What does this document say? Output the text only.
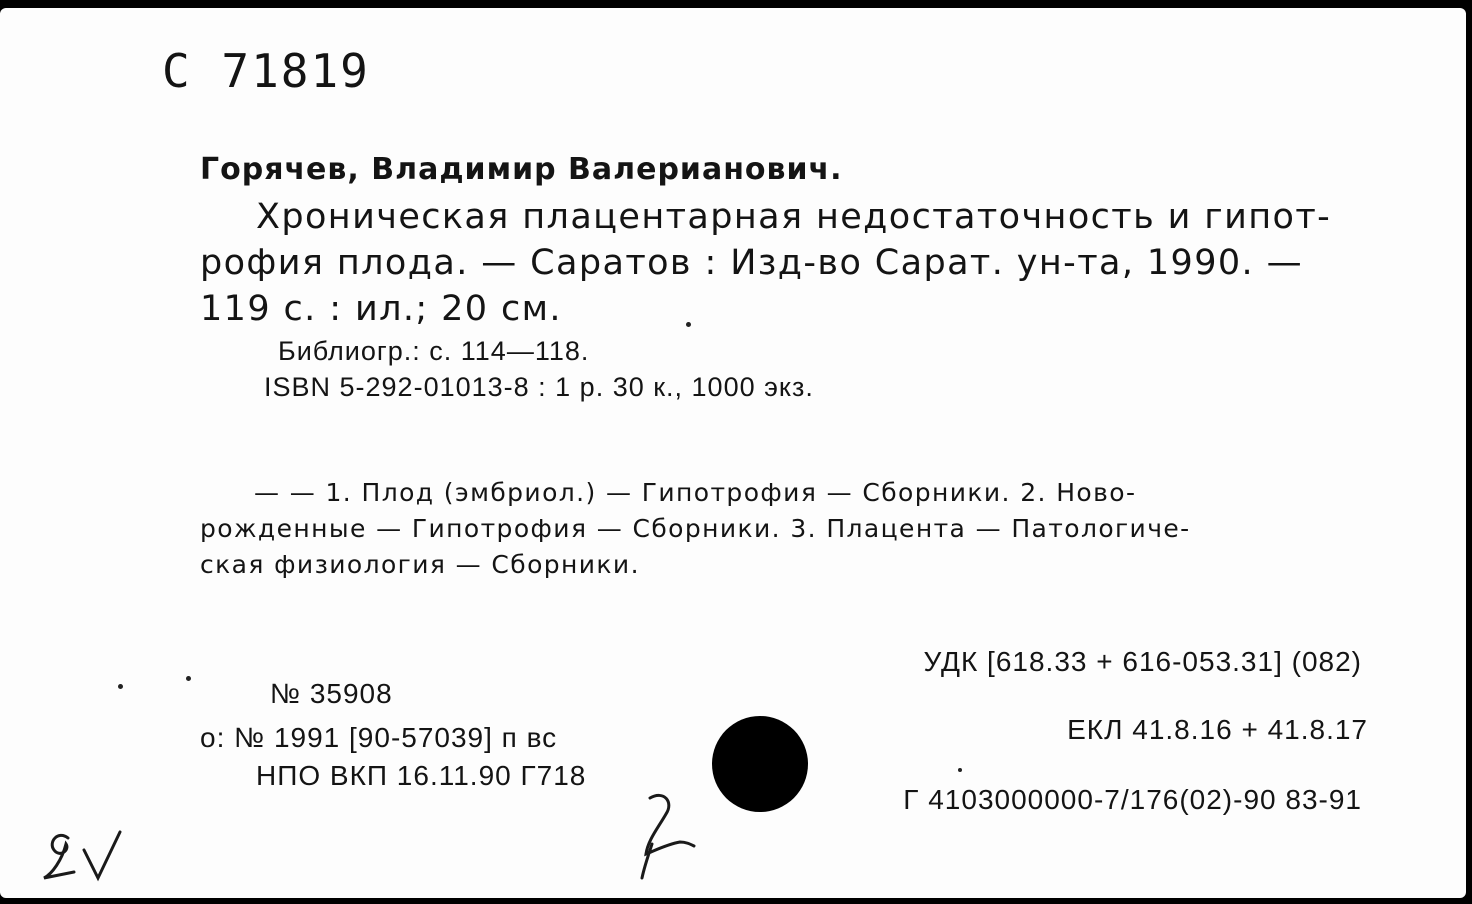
C 71819
Горячев, Владимир Валерианович.
Хроническая плацентарная недостаточность и гипот-
рофия плода. — Саратов : Изд-во Сарат. ун-та, 1990. —
119 с. : ил.; 20 см.
Библиогр.: с. 114—118.
ISBN 5-292-01013-8 : 1 р. 30 к., 1000 экз.
— — 1. Плод (эмбриол.) — Гипотрофия — Сборники. 2. Ново-
рожденные — Гипотрофия — Сборники. 3. Плацента — Патологиче-
ская физиология — Сборники.
УДК [618.33 + 616-053.31] (082)
ЕКЛ 41.8.16 + 41.8.17
Г 4103000000-7/176(02)-90 83-91
№ 35908
о: № 1991 [90-57039] п вс
НПО ВКП 16.11.90 Г718
